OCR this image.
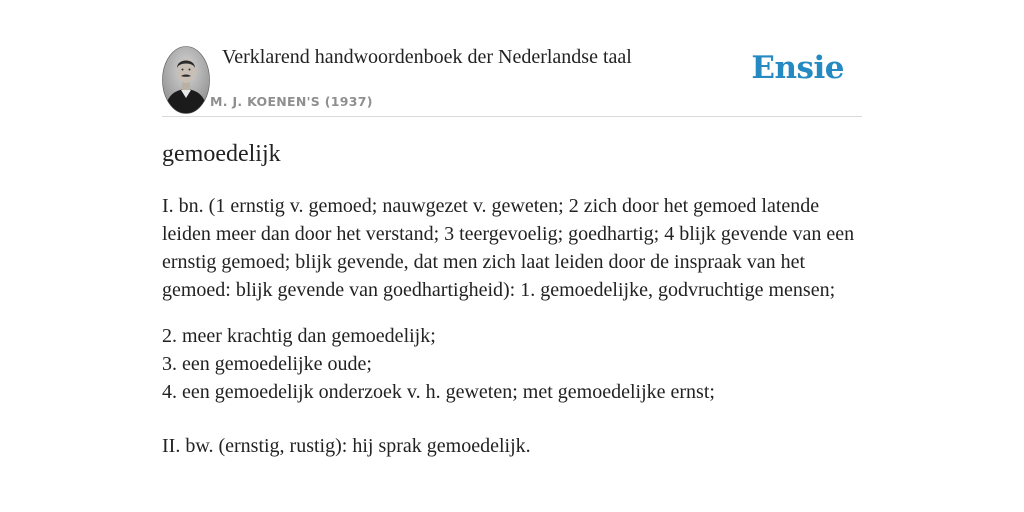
Verklarend handwoordenboek der Nederlandse taal
M. J. KOENEN'S (1937)
Ensie
gemoedelijk

I. bn. (1 ernstig v. gemoed; nauwgezet v. geweten; 2 zich door het gemoed latende leiden meer dan door het verstand; 3 teergevoelig; goedhartig; 4 blijk gevende van een ernstig gemoed; blijk gevende, dat men zich laat leiden door de inspraak van het gemoed: blijk gevende van goedhartigheid): 1. gemoedelijke, godvruchtige mensen;

2. meer krachtig dan gemoedelijk;

3. een gemoedelijke oude;

4. een gemoedelijk onderzoek v. h. geweten; met gemoedelijke ernst;

II. bw. (ernstig, rustig): hij sprak gemoedelijk.
